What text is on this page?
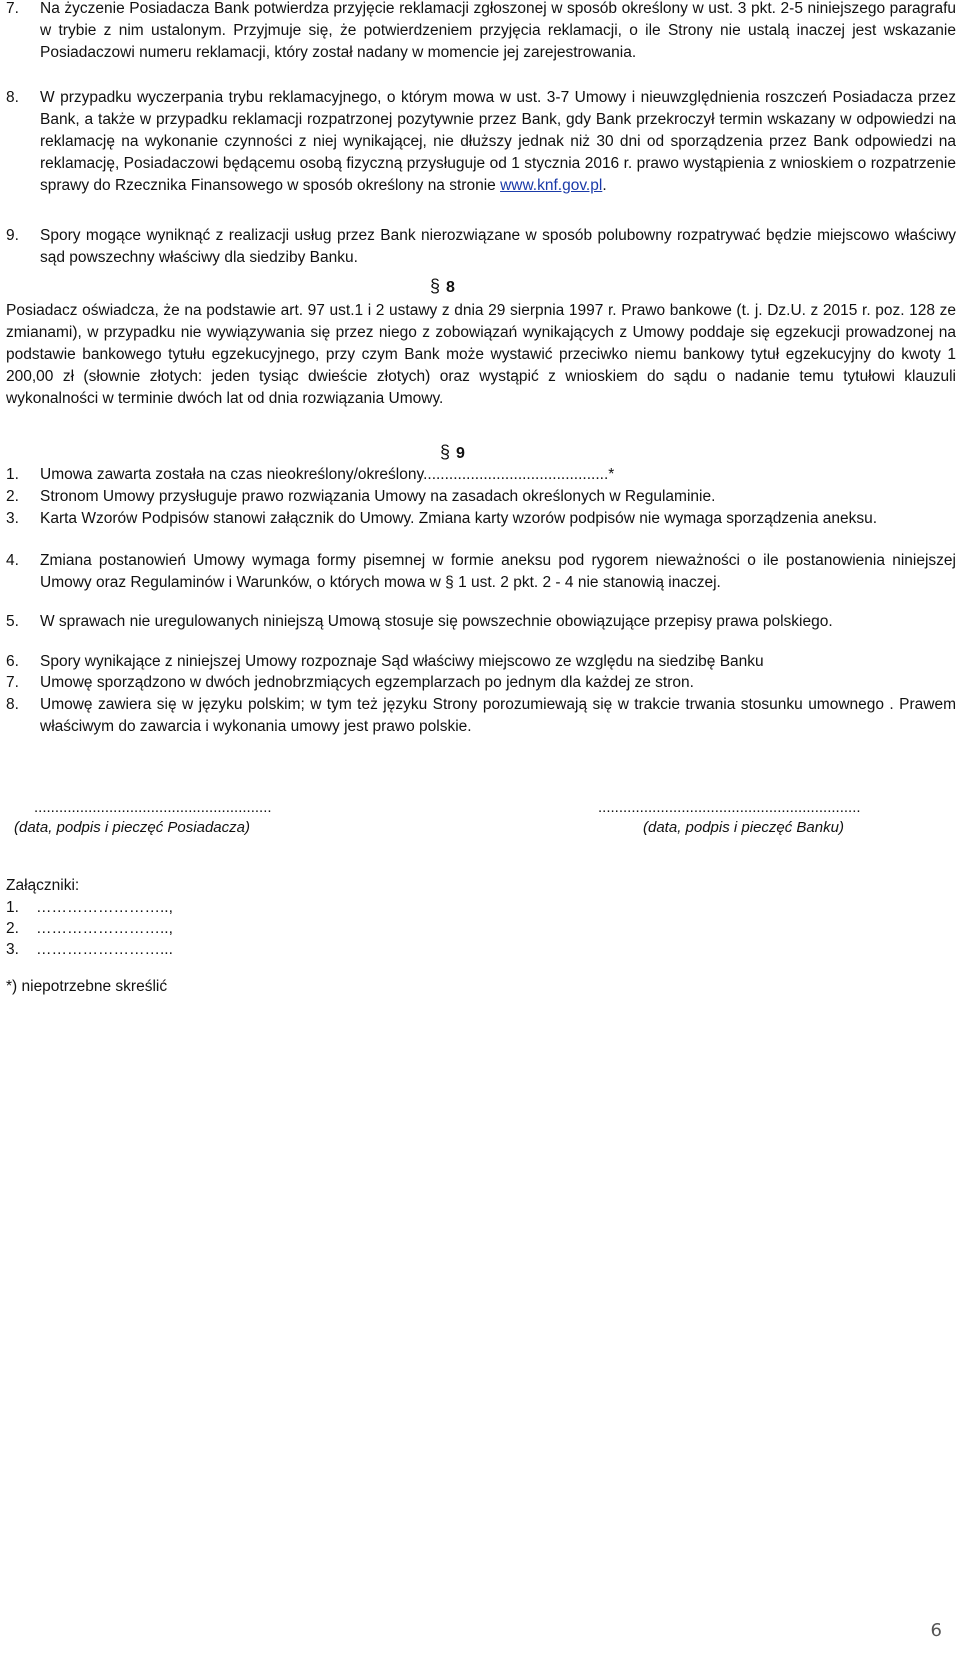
7. Na życzenie Posiadacza Bank potwierdza przyjęcie reklamacji zgłoszonej w sposób określony w ust. 3 pkt. 2-5 niniejszego paragrafu w trybie z nim ustalonym. Przyjmuje się, że potwierdzeniem przyjęcia reklamacji, o ile Strony nie ustalą inaczej jest wskazanie Posiadaczowi numeru reklamacji, który został nadany w momencie jej zarejestrowania.
8. W przypadku wyczerpania trybu reklamacyjnego, o którym mowa w ust. 3-7 Umowy i nieuwzględnienia roszczeń Posiadacza przez Bank, a także w przypadku reklamacji rozpatrzonej pozytywnie przez Bank, gdy Bank przekroczył termin wskazany w odpowiedzi na reklamację na wykonanie czynności z niej wynikającej, nie dłuższy jednak niż 30 dni od sporządzenia przez Bank odpowiedzi na reklamację, Posiadaczowi będącemu osobą fizyczną przysługuje od 1 stycznia 2016 r. prawo wystąpienia z wnioskiem o rozpatrzenie sprawy do Rzecznika Finansowego w sposób określony na stronie www.knf.gov.pl.
9. Spory mogące wyniknąć z realizacji usług przez Bank nierozwiązane w sposób polubowny rozpatrywać będzie miejscowo właściwy sąd powszechny właściwy dla siedziby Banku.
§ 8
Posiadacz oświadcza, że na podstawie art. 97 ust.1 i 2 ustawy z dnia 29 sierpnia 1997 r. Prawo bankowe (t. j. Dz.U. z 2015 r. poz. 128 ze zmianami), w przypadku nie wywiązywania się przez niego z zobowiązań wynikających z Umowy poddaje się egzekucji prowadzonej na podstawie bankowego tytułu egzekucyjnego, przy czym Bank może wystawić przeciwko niemu bankowy tytuł egzekucyjny do kwoty 1 200,00 zł (słownie złotych: jeden tysiąc dwieście złotych) oraz wystąpić z wnioskiem do sądu o nadanie temu tytułowi klauzuli wykonalności w terminie dwóch lat od dnia rozwiązania Umowy.
§ 9
1. Umowa zawarta została na czas nieokreślony/określony...........................................*
2. Stronom Umowy przysługuje prawo rozwiązania Umowy na zasadach określonych w Regulaminie.
3. Karta Wzorów Podpisów stanowi załącznik do Umowy. Zmiana karty wzorów podpisów nie wymaga sporządzenia aneksu.
4. Zmiana postanowień Umowy wymaga formy pisemnej w formie aneksu pod rygorem nieważności o ile postanowienia niniejszej Umowy oraz Regulaminów i Warunków, o których mowa w § 1 ust. 2 pkt. 2 - 4 nie stanowią inaczej.
5. W sprawach nie uregulowanych niniejszą Umową stosuje się powszechnie obowiązujące przepisy prawa polskiego.
6. Spory wynikające z niniejszej Umowy rozpoznaje Sąd właściwy miejscowo ze względu na siedzibę Banku
7. Umowę sporządzono w dwóch jednobrzmiących egzemplarzach po jednym dla każdej ze stron.
8. Umowę zawiera się w języku polskim; w tym też języku Strony porozumiewają się w trakcie trwania stosunku umownego . Prawem właściwym do zawarcia i wykonania umowy jest prawo polskie.
.........................................................
(data, podpis i pieczęć Posiadacza)
...............................................................
(data, podpis i pieczęć Banku)
Załączniki:
1. ……………………..,
2. ……………………..,
3. ……………………...
*) niepotrzebne skreślić
6
